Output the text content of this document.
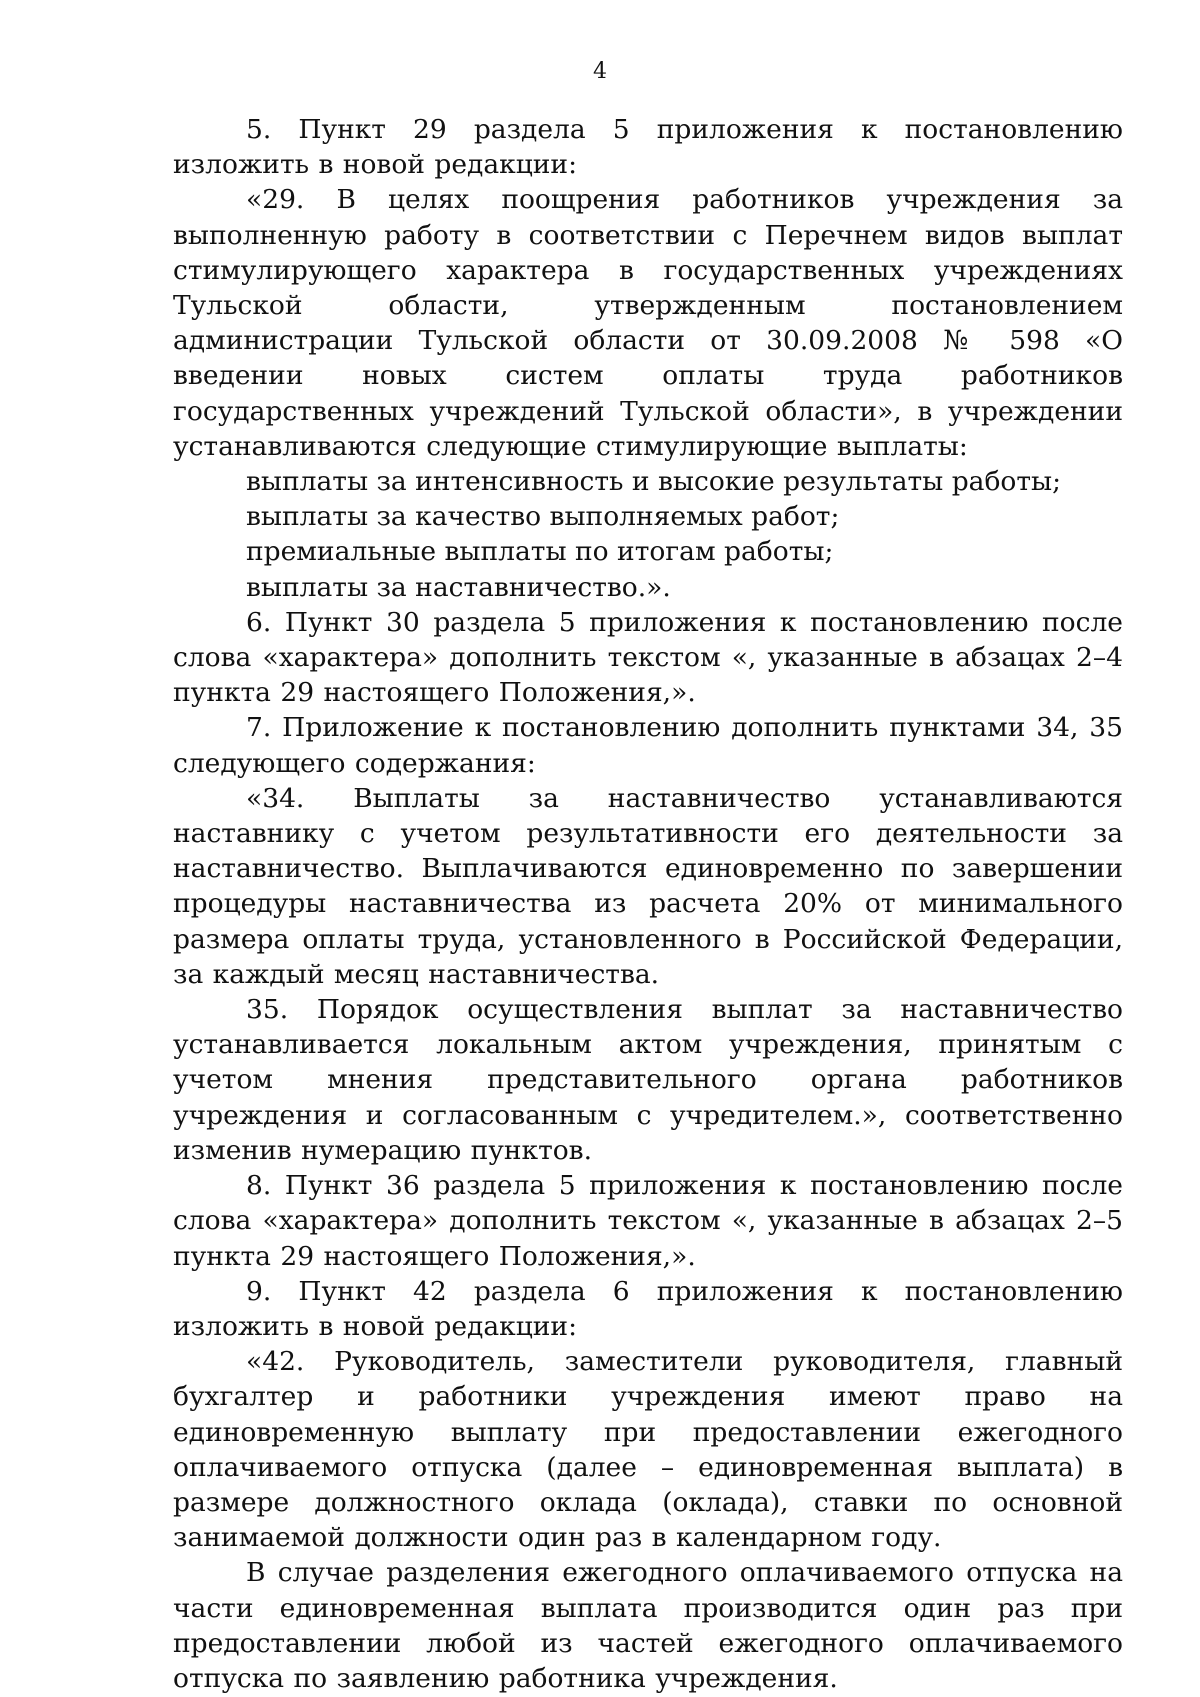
4

5. Пункт 29 раздела 5 приложения к постановлению изложить в новой редакции:

«29. В целях поощрения работников учреждения за выполненную работу в соответствии с Перечнем видов выплат стимулирующего характера в государственных учреждениях Тульской области, утвержденным постановлением администрации Тульской области от 30.09.2008 № 598 «О введении новых систем оплаты труда работников государственных учреждений Тульской области», в учреждении устанавливаются следующие стимулирующие выплаты:

выплаты за интенсивность и высокие результаты работы;

выплаты за качество выполняемых работ;

премиальные выплаты по итогам работы;

выплаты за наставничество.».

6. Пункт 30 раздела 5 приложения к постановлению после слова «характера» дополнить текстом «, указанные в абзацах 2–4 пункта 29 настоящего Положения,».

7. Приложение к постановлению дополнить пунктами 34, 35 следующего содержания:

«34. Выплаты за наставничество устанавливаются наставнику с учетом результативности его деятельности за наставничество. Выплачиваются единовременно по завершении процедуры наставничества из расчета 20% от минимального размера оплаты труда, установленного в Российской Федерации, за каждый месяц наставничества.

35. Порядок осуществления выплат за наставничество устанавливается локальным актом учреждения, принятым с учетом мнения представительного органа работников учреждения и согласованным с учредителем.», соответственно изменив нумерацию пунктов.

8. Пункт 36 раздела 5 приложения к постановлению после слова «характера» дополнить текстом «, указанные в абзацах 2–5 пункта 29 настоящего Положения,».

9. Пункт 42 раздела 6 приложения к постановлению изложить в новой редакции:

«42. Руководитель, заместители руководителя, главный бухгалтер и работники учреждения имеют право на единовременную выплату при предоставлении ежегодного оплачиваемого отпуска (далее – единовременная выплата) в размере должностного оклада (оклада), ставки по основной занимаемой должности один раз в календарном году.

В случае разделения ежегодного оплачиваемого отпуска на части единовременная выплата производится один раз при предоставлении любой из частей ежегодного оплачиваемого отпуска по заявлению работника учреждения.
